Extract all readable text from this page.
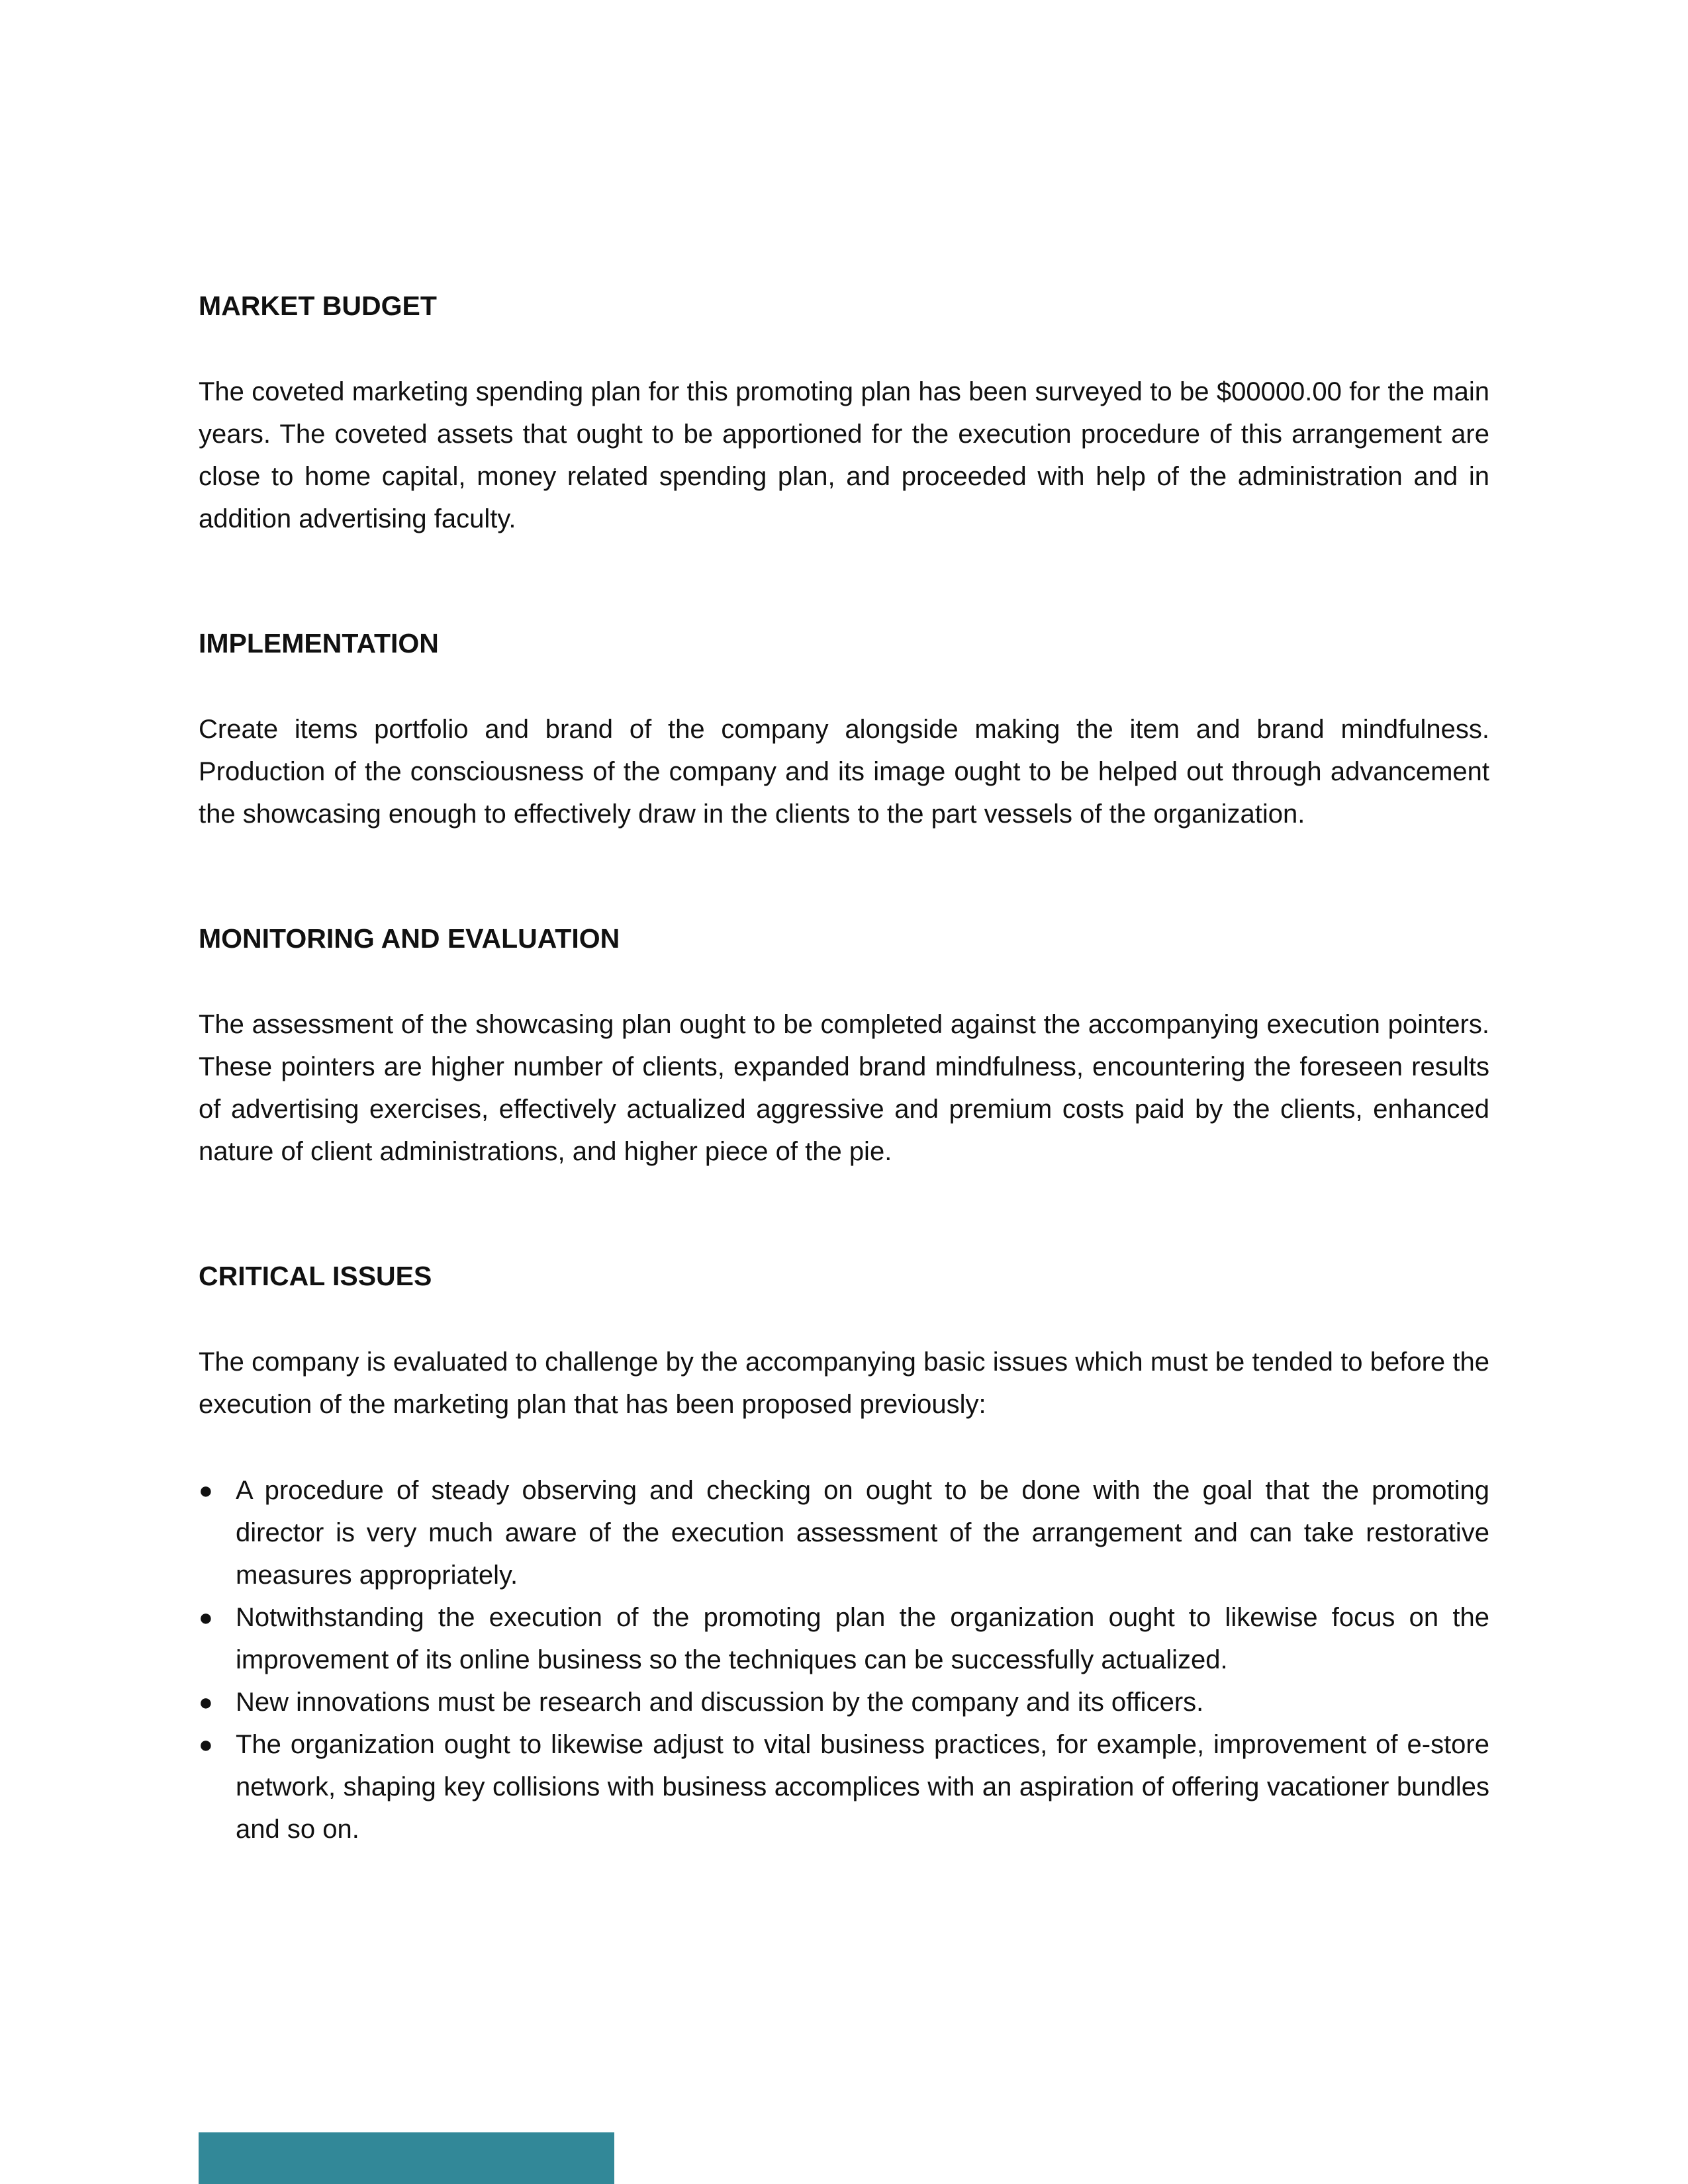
MARKET BUDGET

The coveted marketing spending plan for this promoting plan has been surveyed to be $00000.00 for the main years. The coveted assets that ought to be apportioned for the execution procedure of this arrangement are close to home capital, money related spending plan, and proceeded with help of the administration and in addition advertising faculty.

IMPLEMENTATION

Create items portfolio and brand of the company alongside making the item and brand mindfulness. Production of the consciousness of the company and its image ought to be helped out through advancement the showcasing enough to effectively draw in the clients to the part vessels of the organization.

MONITORING AND EVALUATION

The assessment of the showcasing plan ought to be completed against the accompanying execution pointers. These pointers are higher number of clients, expanded brand mindfulness, encountering the foreseen results of advertising exercises, effectively actualized aggressive and premium costs paid by the clients, enhanced nature of client administrations, and higher piece of the pie.

CRITICAL ISSUES

The company is evaluated to challenge by the accompanying basic issues which must be tended to before the execution of the marketing plan that has been proposed previously:

● A procedure of steady observing and checking on ought to be done with the goal that the promoting director is very much aware of the execution assessment of the arrangement and can take restorative measures appropriately.
● Notwithstanding the execution of the promoting plan the organization ought to likewise focus on the improvement of its online business so the techniques can be successfully actualized.
● New innovations must be research and discussion by the company and its officers.
● The organization ought to likewise adjust to vital business practices, for example, improvement of e-store network, shaping key collisions with business accomplices with an aspiration of offering vacationer bundles and so on.
